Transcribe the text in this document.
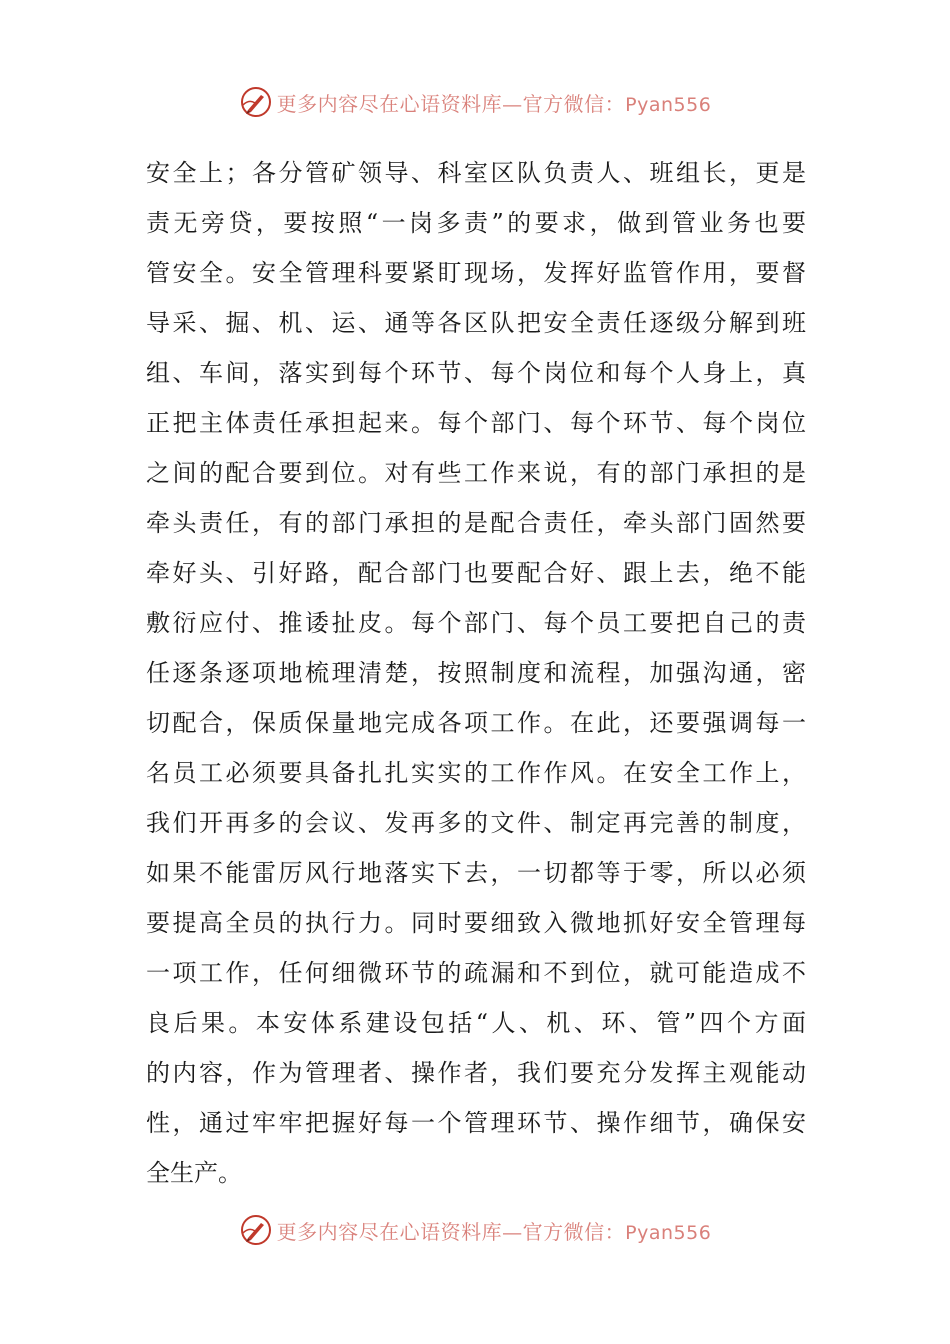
更多内容尽在心语资料库—官方微信：Pyan556
安全上；各分管矿领导、科室区队负责人、班组长，更是
责无旁贷，要按照“一岗多责”的要求，做到管业务也要
管安全。安全管理科要紧盯现场，发挥好监管作用，要督
导采、掘、机、运、通等各区队把安全责任逐级分解到班
组、车间，落实到每个环节、每个岗位和每个人身上，真
正把主体责任承担起来。每个部门、每个环节、每个岗位
之间的配合要到位。对有些工作来说，有的部门承担的是
牵头责任，有的部门承担的是配合责任，牵头部门固然要
牵好头、引好路，配合部门也要配合好、跟上去，绝不能
敷衍应付、推诿扯皮。每个部门、每个员工要把自己的责
任逐条逐项地梳理清楚，按照制度和流程，加强沟通，密
切配合，保质保量地完成各项工作。在此，还要强调每一
名员工必须要具备扎扎实实的工作作风。在安全工作上，
我们开再多的会议、发再多的文件、制定再完善的制度，
如果不能雷厉风行地落实下去，一切都等于零，所以必须
要提高全员的执行力。同时要细致入微地抓好安全管理每
一项工作，任何细微环节的疏漏和不到位，就可能造成不
良后果。本安体系建设包括“人、机、环、管”四个方面
的内容，作为管理者、操作者，我们要充分发挥主观能动
性，通过牢牢把握好每一个管理环节、操作细节，确保安
全生产。
更多内容尽在心语资料库—官方微信：Pyan556
